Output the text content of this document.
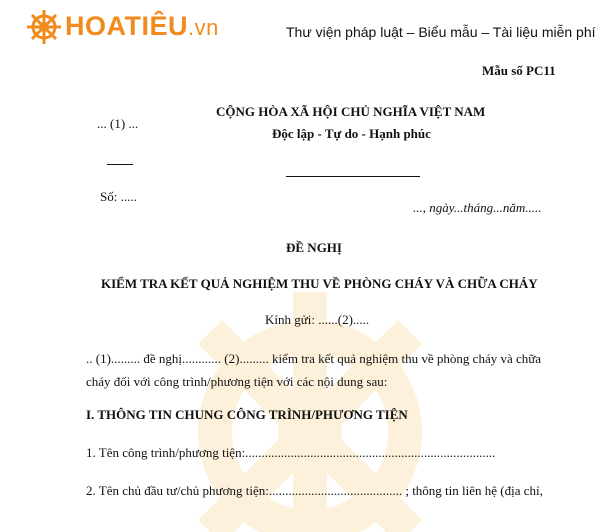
HOATIÊU.vn	Thư viện pháp luật – Biểu mẫu – Tài liệu miễn phí
Mẫu số PC11
CỘNG HÒA XÃ HỘI CHỦ NGHĨA VIỆT NAM
Độc lập - Tự do - Hạnh phúc
... (1) ...
Số: .....
..., ngày...tháng...năm.....
ĐỀ NGHỊ
KIỂM TRA KẾT QUẢ NGHIỆM THU VỀ PHÒNG CHÁY VÀ CHỮA CHÁY
Kính gửi: ......(2).....
.. (1)......... đề nghị............ (2)......... kiểm tra kết quả nghiệm thu về phòng cháy và chữa
cháy đối với công trình/phương tiện với các nội dung sau:
I. THÔNG TIN CHUNG CÔNG TRÌNH/PHƯƠNG TIỆN
1. Tên công trình/phương tiện:.............................................................................
2. Tên chủ đầu tư/chủ phương tiện:......................................... ; thông tin liên hệ (địa chỉ,
